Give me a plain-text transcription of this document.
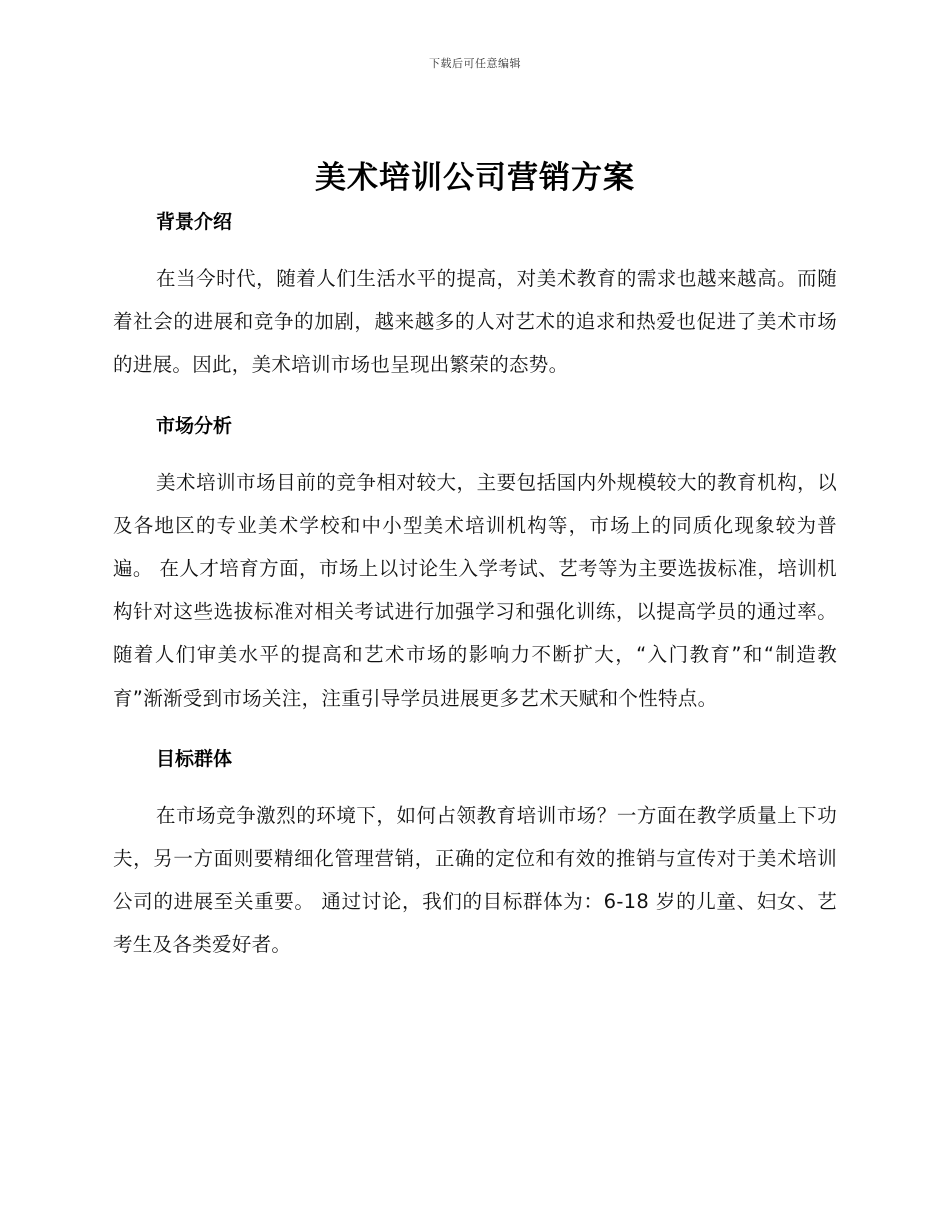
下载后可任意编辑
美术培训公司营销方案
背景介绍

在当今时代，随着人们生活水平的提高，对美术教育的需求也越来越高。而随着社会的进展和竞争的加剧，越来越多的人对艺术的追求和热爱也促进了美术市场的进展。因此，美术培训市场也呈现出繁荣的态势。

市场分析

美术培训市场目前的竞争相对较大，主要包括国内外规模较大的教育机构，以及各地区的专业美术学校和中小型美术培训机构等，市场上的同质化现象较为普遍。 在人才培育方面，市场上以讨论生入学考试、艺考等为主要选拔标准，培训机构针对这些选拔标准对相关考试进行加强学习和强化训练，以提高学员的通过率。 随着人们审美水平的提高和艺术市场的影响力不断扩大，“入门教育”和“制造教育”渐渐受到市场关注，注重引导学员进展更多艺术天赋和个性特点。

目标群体

在市场竞争激烈的环境下，如何占领教育培训市场？一方面在教学质量上下功夫，另一方面则要精细化管理营销，正确的定位和有效的推销与宣传对于美术培训公司的进展至关重要。 通过讨论，我们的目标群体为：6-18 岁的儿童、妇女、艺考生及各类爱好者。
